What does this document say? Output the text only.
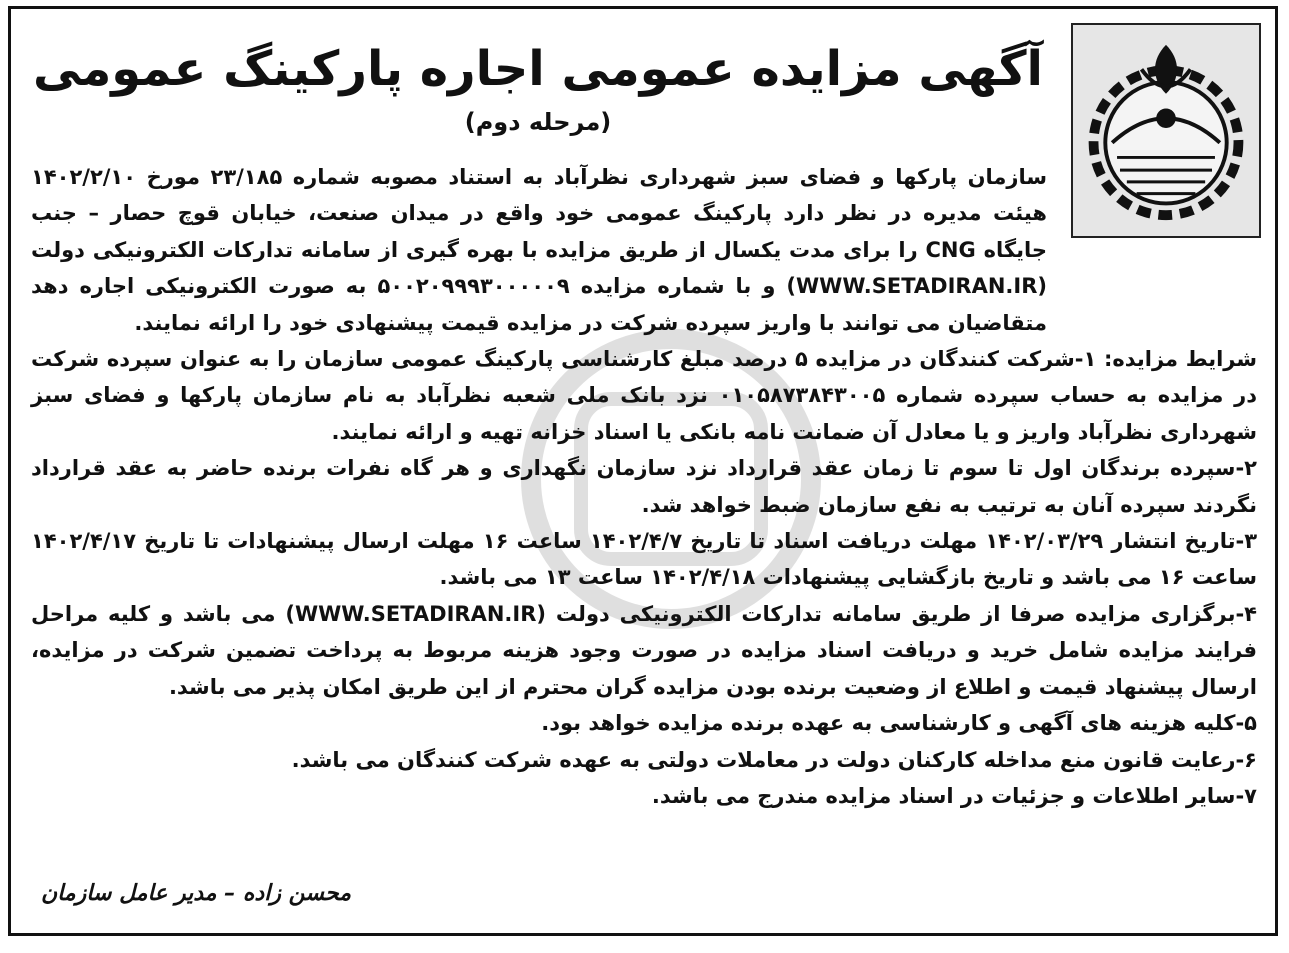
آگهی مزایده عمومی اجاره پارکینگ عمومی
(مرحله دوم)

سازمان پارکها و فضای سبز شهرداری نظرآباد به استناد مصوبه شماره ۲۳/۱۸۵ مورخ ۱۴۰۲/۲/۱۰ هیئت مدیره در نظر دارد پارکینگ عمومی خود واقع در میدان صنعت، خیابان قوچ حصار – جنب جایگاه CNG را برای مدت یکسال از طریق مزایده با بهره گیری از سامانه تدارکات الکترونیکی دولت (WWW.SETADIRAN.IR) و با شماره مزایده ۵۰۰۲۰۹۹۹۳۰۰۰۰۰۹ به صورت الکترونیکی اجاره دهد متقاضیان می توانند با واریز سپرده شرکت در مزایده قیمت پیشنهادی خود را ارائه نمایند.

شرایط مزایده: ۱-شرکت کنندگان در مزایده ۵ درصد مبلغ کارشناسی پارکینگ عمومی سازمان را به عنوان سپرده شرکت در مزایده به حساب سپرده شماره ۰۱۰۵۸۷۳۸۴۳۰۰۵ نزد بانک ملی شعبه نظرآباد به نام سازمان پارکها و فضای سبز شهرداری نظرآباد واریز و یا معادل آن ضمانت نامه بانکی یا اسناد خزانه تهیه و ارائه نمایند.

۲-سپرده برندگان اول تا سوم تا زمان عقد قرارداد نزد سازمان نگهداری و هر گاه نفرات برنده حاضر به عقد قرارداد نگردند سپرده آنان به ترتیب به نفع سازمان ضبط خواهد شد.

۳-تاریخ انتشار ۱۴۰۲/۰۳/۲۹ مهلت دریافت اسناد تا تاریخ ۱۴۰۲/۴/۷ ساعت ۱۶ مهلت ارسال پیشنهادات تا تاریخ ۱۴۰۲/۴/۱۷ ساعت ۱۶ می باشد و تاریخ بازگشایی پیشنهادات ۱۴۰۲/۴/۱۸ ساعت ۱۳ می باشد.

۴-برگزاری مزایده صرفا از طریق سامانه تدارکات الکترونیکی دولت (WWW.SETADIRAN.IR) می باشد و کلیه مراحل فرایند مزایده شامل خرید و دریافت اسناد مزایده در صورت وجود هزینه مربوط به پرداخت تضمین شرکت در مزایده، ارسال پیشنهاد قیمت و اطلاع از وضعیت برنده بودن مزایده گران محترم از این طریق امکان پذیر می باشد.

۵-کلیه هزینه های آگهی و کارشناسی به عهده برنده مزایده خواهد بود.

۶-رعایت قانون منع مداخله کارکنان دولت در معاملات دولتی به عهده شرکت کنندگان می باشد.

۷-سایر اطلاعات و جزئیات در اسناد مزایده مندرج می باشد.

محسن زاده – مدیر عامل سازمان
